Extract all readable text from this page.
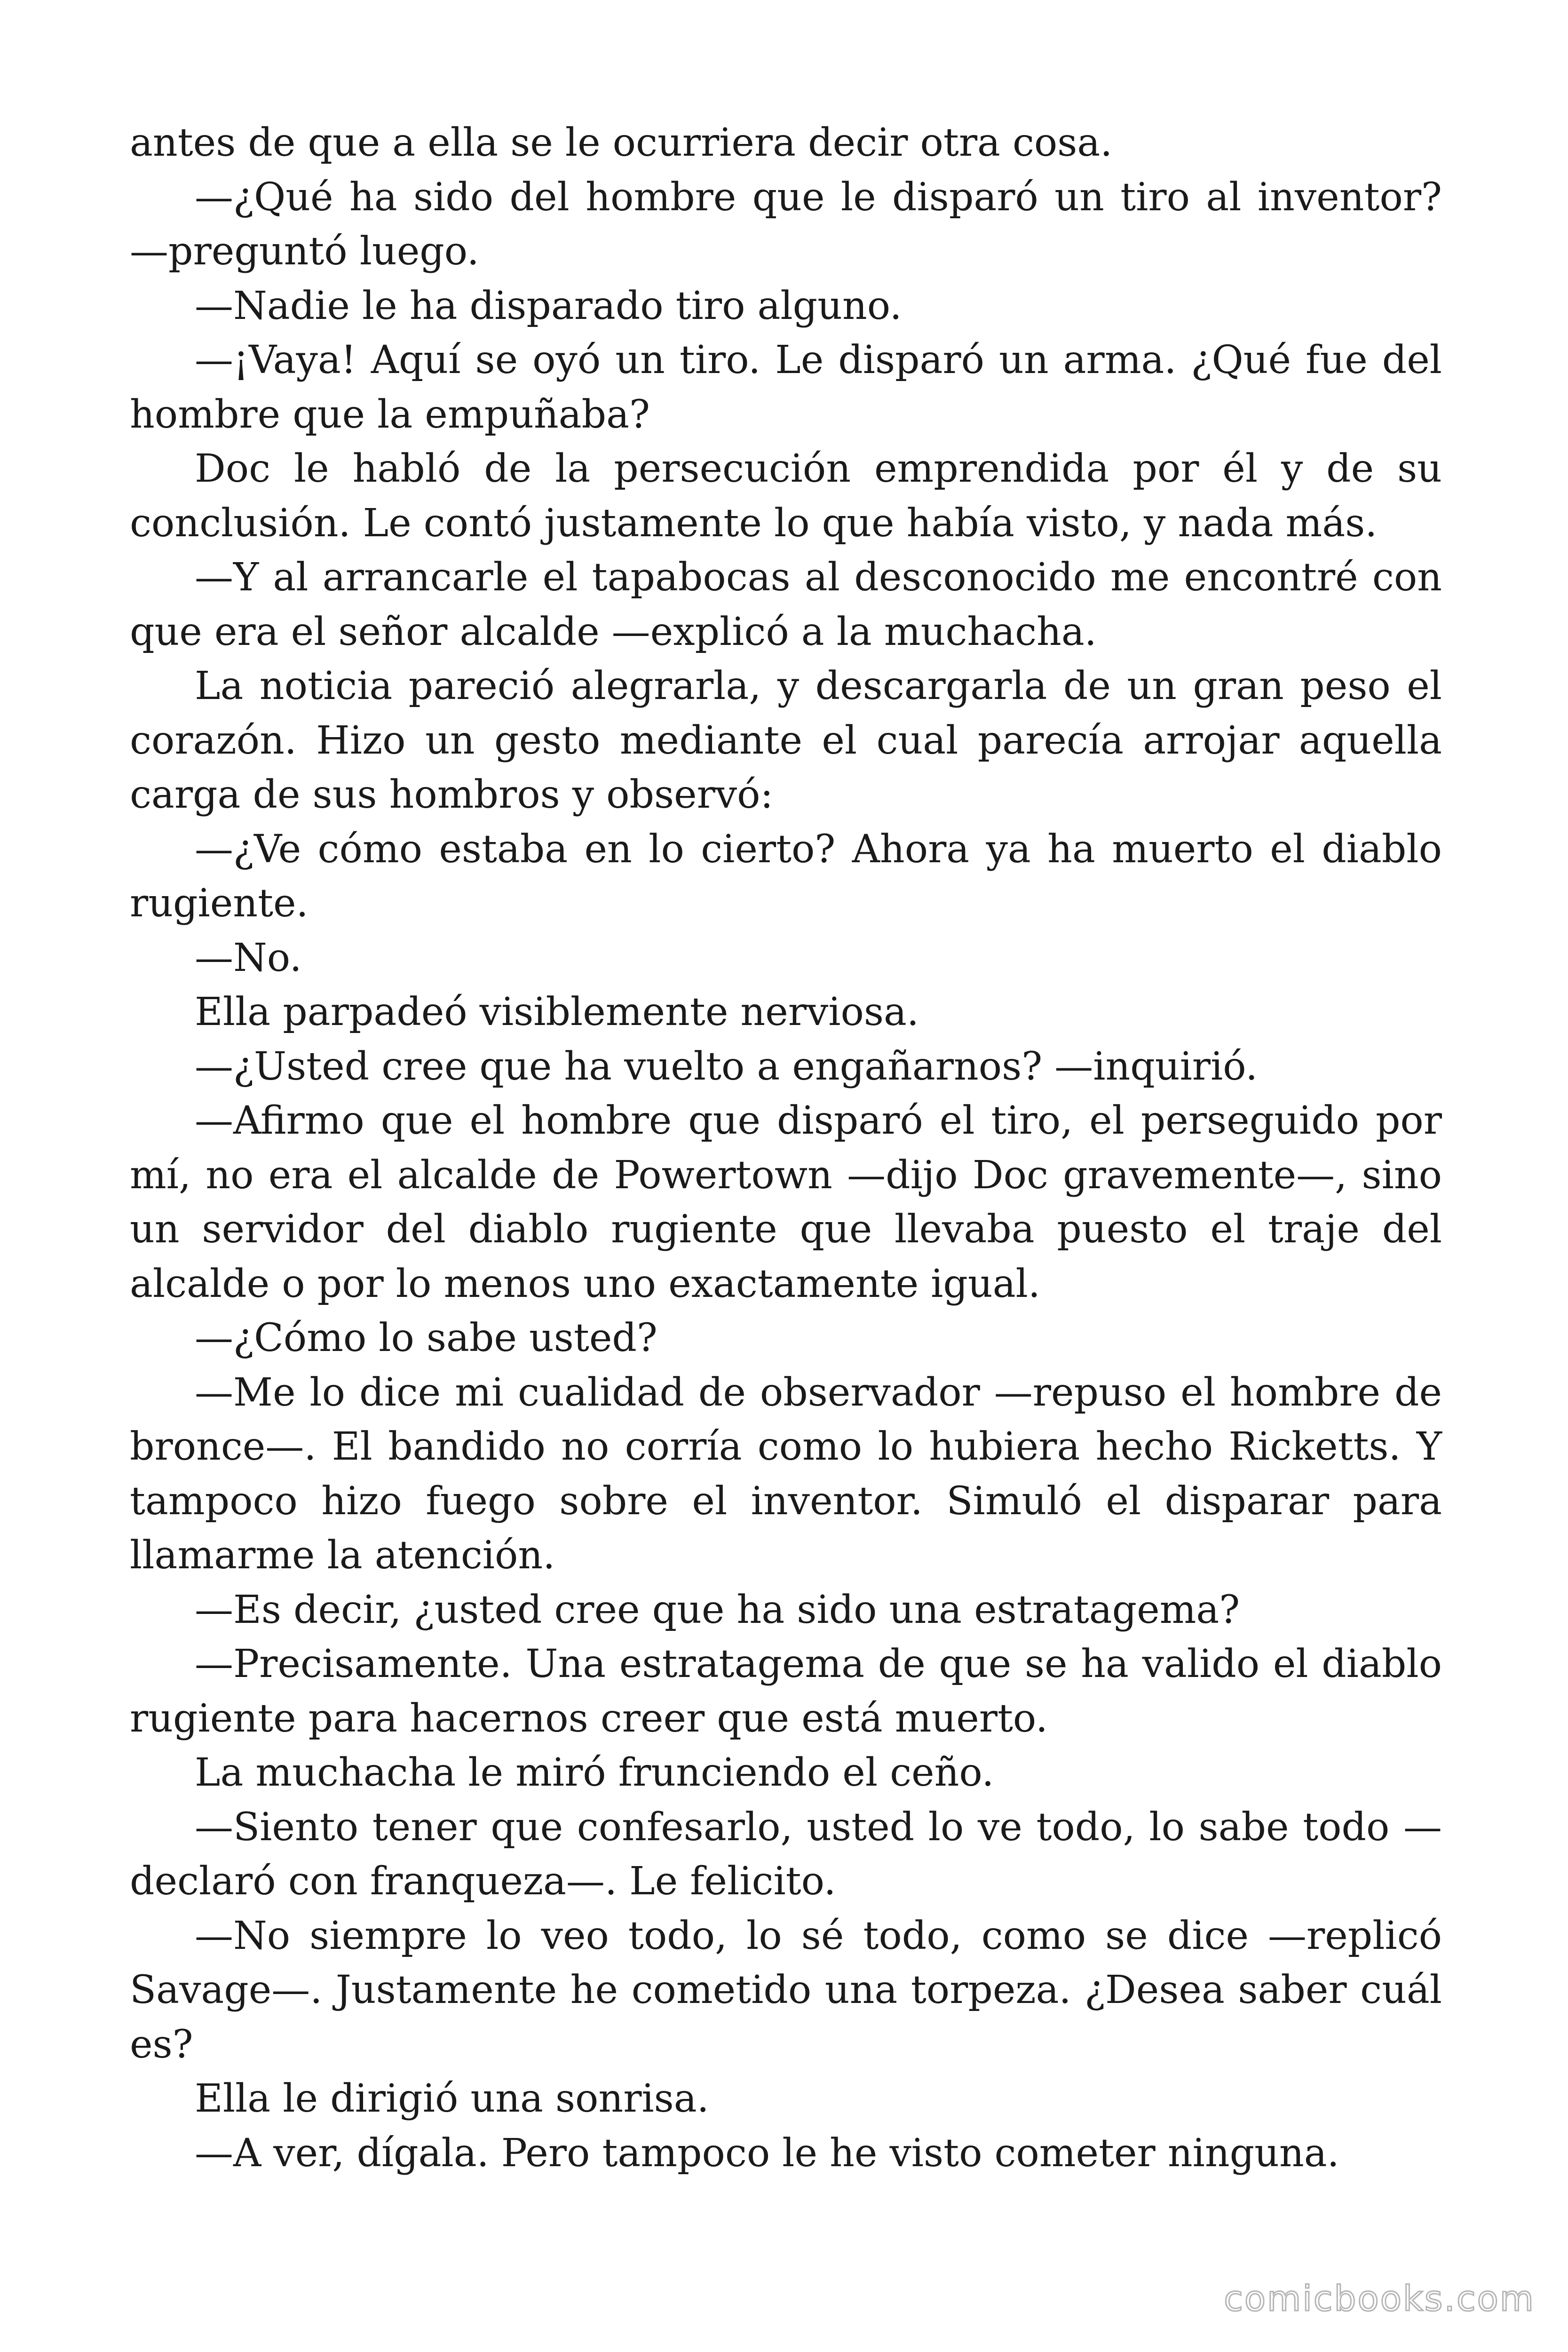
antes de que a ella se le ocurriera decir otra cosa.

—¿Qué ha sido del hombre que le disparó un tiro al inventor? —preguntó luego.

—Nadie le ha disparado tiro alguno.

—¡Vaya! Aquí se oyó un tiro. Le disparó un arma. ¿Qué fue del hombre que la empuñaba?

Doc le habló de la persecución emprendida por él y de su conclusión. Le contó justamente lo que había visto, y nada más.

—Y al arrancarle el tapabocas al desconocido me encontré con que era el señor alcalde —explicó a la muchacha.

La noticia pareció alegrarla, y descargarla de un gran peso el corazón. Hizo un gesto mediante el cual parecía arrojar aquella carga de sus hombros y observó:

—¿Ve cómo estaba en lo cierto? Ahora ya ha muerto el diablo rugiente.

—No.

Ella parpadeó visiblemente nerviosa.

—¿Usted cree que ha vuelto a engañarnos? —inquirió.

—Afirmo que el hombre que disparó el tiro, el perseguido por mí, no era el alcalde de Powertown —dijo Doc gravemente—, sino un servidor del diablo rugiente que llevaba puesto el traje del alcalde o por lo menos uno exactamente igual.

—¿Cómo lo sabe usted?

—Me lo dice mi cualidad de observador —repuso el hombre de bronce—. El bandido no corría como lo hubiera hecho Ricketts. Y tampoco hizo fuego sobre el inventor. Simuló el disparar para llamarme la atención.

—Es decir, ¿usted cree que ha sido una estratagema?

—Precisamente. Una estratagema de que se ha valido el diablo rugiente para hacernos creer que está muerto.

La muchacha le miró frunciendo el ceño.

—Siento tener que confesarlo, usted lo ve todo, lo sabe todo —declaró con franqueza—. Le felicito.

—No siempre lo veo todo, lo sé todo, como se dice —replicó Savage—. Justamente he cometido una torpeza. ¿Desea saber cuál es?

Ella le dirigió una sonrisa.

—A ver, dígala. Pero tampoco le he visto cometer ninguna.

comicbooks.com
